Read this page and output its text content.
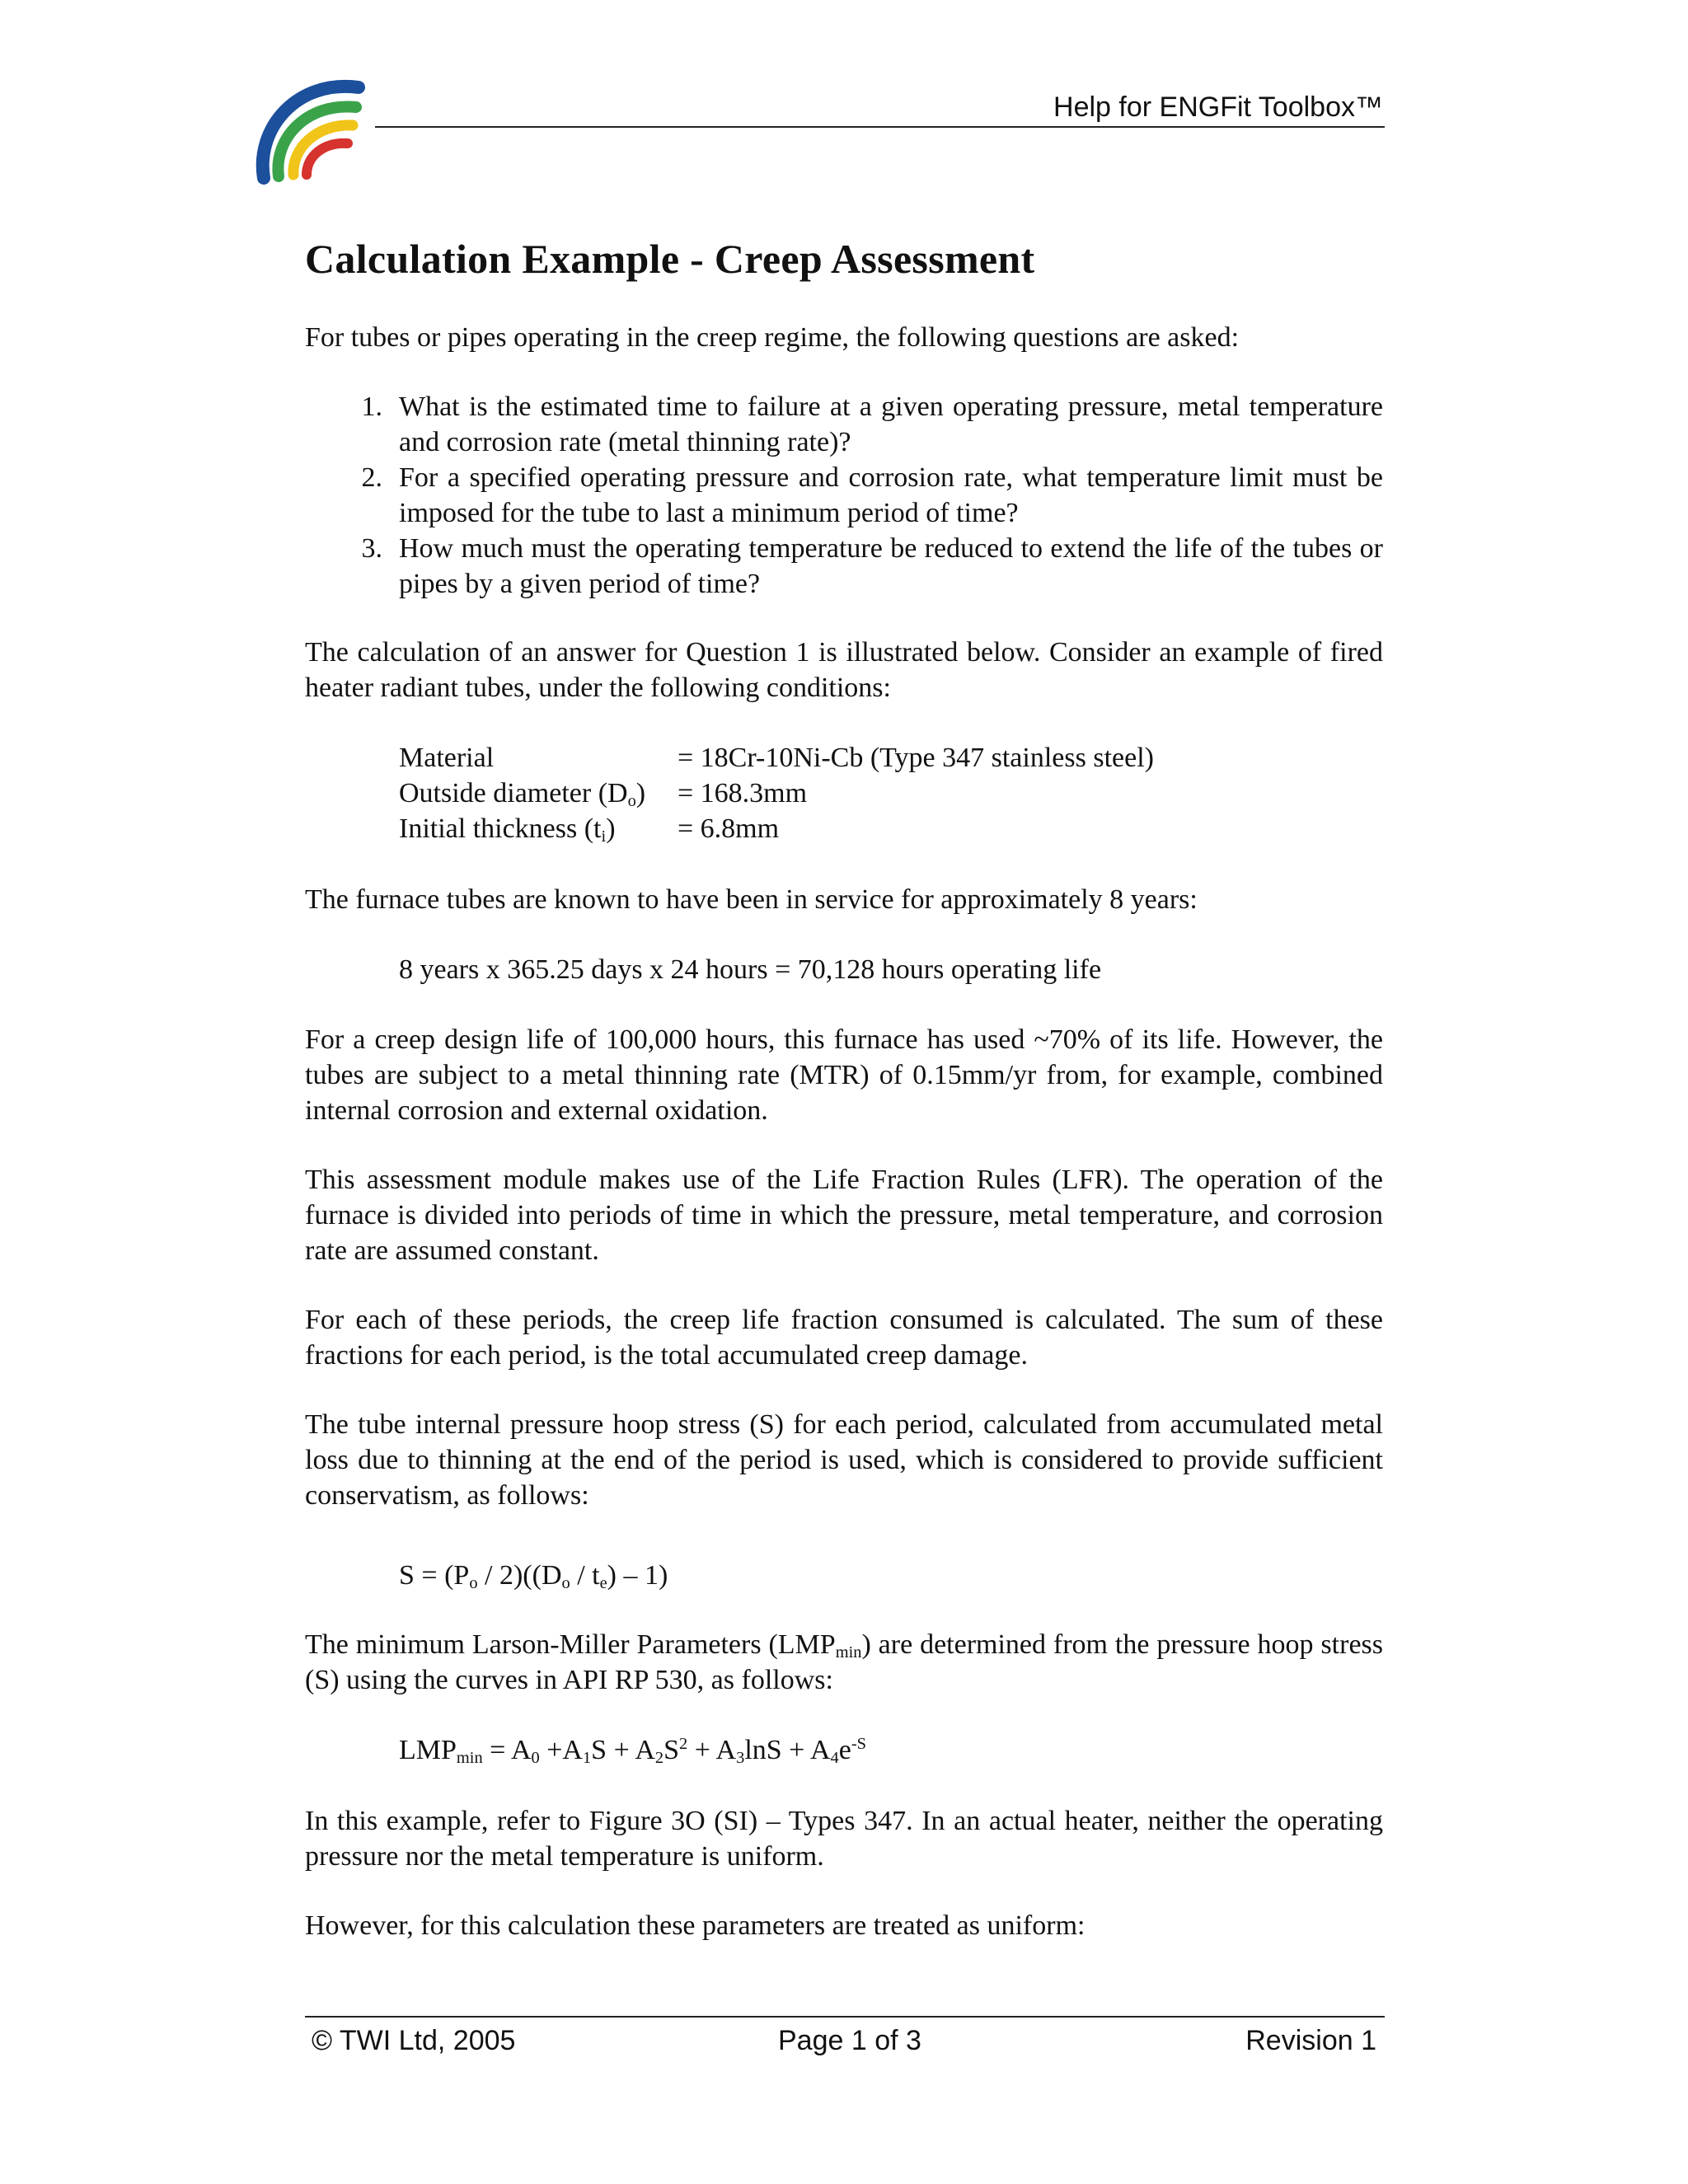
Help for ENGFit Toolbox™
Calculation Example - Creep Assessment

For tubes or pipes operating in the creep regime, the following questions are asked:

1. What is the estimated time to failure at a given operating pressure, metal temperature and corrosion rate (metal thinning rate)?
2. For a specified operating pressure and corrosion rate, what temperature limit must be imposed for the tube to last a minimum period of time?
3. How much must the operating temperature be reduced to extend the life of the tubes or pipes by a given period of time?

The calculation of an answer for Question 1 is illustrated below. Consider an example of fired heater radiant tubes, under the following conditions:

Material	= 18Cr-10Ni-Cb (Type 347 stainless steel)
Outside diameter $(D_o)$	= 168.3mm
Initial thickness $(t_i)$	= 6.8mm

The furnace tubes are known to have been in service for approximately 8 years:

8 years x 365.25 days x 24 hours = 70,128 hours operating life

For a creep design life of 100,000 hours, this furnace has used ~70% of its life. However, the tubes are subject to a metal thinning rate (MTR) of 0.15mm/yr from, for example, combined internal corrosion and external oxidation.

This assessment module makes use of the Life Fraction Rules (LFR). The operation of the furnace is divided into periods of time in which the pressure, metal temperature, and corrosion rate are assumed constant.

For each of these periods, the creep life fraction consumed is calculated. The sum of these fractions for each period, is the total accumulated creep damage.

The tube internal pressure hoop stress (S) for each period, calculated from accumulated metal loss due to thinning at the end of the period is used, which is considered to provide sufficient conservatism, as follows:

$S = (P_o / 2)((D_o / t_e) - 1)$

The minimum Larson-Miller Parameters $(LMP_{min})$ are determined from the pressure hoop stress (S) using the curves in API RP 530, as follows:

$LMP_{min} = A_0 +A_1S + A_2S^2 + A_3\ln S + A_4e^{-S}$

In this example, refer to Figure 3O (SI) – Types 347. In an actual heater, neither the operating pressure nor the metal temperature is uniform.

However, for this calculation these parameters are treated as uniform:

© TWI Ltd, 2005	Page 1 of 3	Revision 1
